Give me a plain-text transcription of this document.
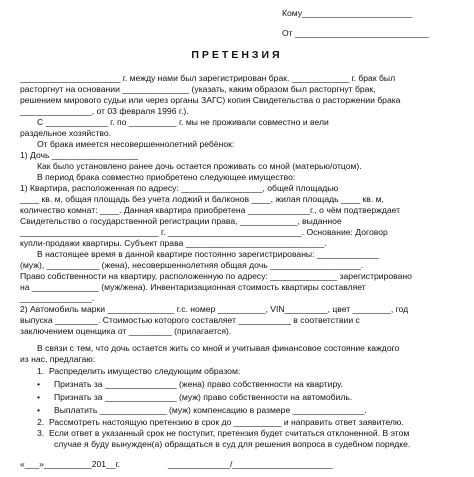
Кому_______________________
От ____________________________
ПРЕТЕНЗИЯ
_____________________ г. между нами был зарегистрирован брак. ____________ г. брак был
расторгнут на основании ______________ (указать, каким образом был расторгнут брак,
решением мирового судьи или через органы ЗАГС) копия Свидетельства о расторжении брака
_______________, от 03 февраля 1996 г.).
С _____________ г. по __________ г. мы не проживали совместно и вели
раздельное хозяйство.
От брака имеется несовершеннолетний ребёнок:
1) Дочь __________________
Как было установлено ранее дочь остается проживать со мной (матерью/отцом).
В период брака совместно приобретено следующее имущество:
1) Квартира, расположенная по адресу: _________________, общей площадью
____ кв. м, общая площадь без учета лоджий и балконов ____, жилая площадь ____ кв. м,
количество комнат: ____. Данная квартира приобретена _____________г., о чём подтверждает
Свидетельство о государственной регистрации права, ____________, выданное
_____________________________ г. ____________________________. Основание: Договор
купли-продажи квартиры. Субъект права _____________________________.
В настоящее время в данной квартире постоянно зарегистрированы: _____________
(муж), ___________ (жена), несовершеннолетняя общая дочь ___________________.
Право собственности на квартиру, расположенную по адресу: ______________ зарегистрировано
на ______________ (муж/жена). Инвентаризационная стоимость квартиры составляет
_______________.
2) Автомобиль марки ______________ г.с. номер __________, VIN_________, цвет ________, год
выпуска _________. Стоимостью которого составляет ___________ в соответствии с
заключением оценщика от _________ (прилагается).
В связи с тем, что дочь остается жить со мной и учитывая финансовое состояние каждого
из нас, предлагаю:
1.  Распределить имущество следующим образом:
• Признать за _______________ (жена) право собственности на квартиру.
• Признать за _______________ (муж) право собственности на автомобиль.
• Выплатить ______________ (муж) компенсацию в размере _______________.
2.  Рассмотреть настоящую претензию в срок до __________ и направить ответ заявителю.
3.  Если ответ в указанный срок не поступит, претензия будет считаться отклоненной. В этом
случае я буду вынужден(а) обращаться в суд для решения вопроса в судебном порядке.
«___»__________201__г.                    _____________/_____________________
